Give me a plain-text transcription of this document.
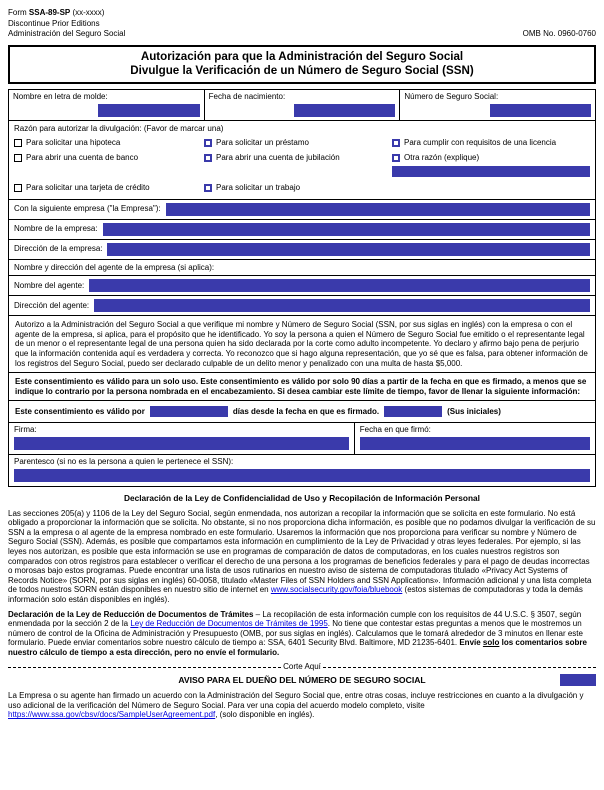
Form SSA-89-SP (xx-xxxx)
Discontinue Prior Editions
Administración del Seguro Social	OMB No. 0960-0760
Autorización para que la Administración del Seguro Social
Divulgue la Verificación de un Número de Seguro Social (SSN)
Nombre en letra de molde:	Fecha de nacimiento:	Número de Seguro Social:
Razón para autorizar la divulgación: (Favor de marcar una)
Para solicitar una hipoteca	Para solicitar un préstamo	Para cumplir con requisitos de una licencia
Para abrir una cuenta de banco	Para abrir una cuenta de jubilación	Otra razón (explique)
Para solicitar una tarjeta de crédito	Para solicitar un trabajo
Con la siguiente empresa ("la Empresa"):
Nombre de la empresa:
Dirección de la empresa:
Nombre y dirección del agente de la empresa (si aplica):
Nombre del agente:
Dirección del agente:
Autorizo a la Administración del Seguro Social a que verifique mi nombre y Número de Seguro Social (SSN, por sus siglas en inglés) con la empresa o con el agente de la empresa, si aplica, para el propósito que he identificado. Yo soy la persona a quien el Número de Seguro Social fue emitido o el representante legal de un menor o el representante legal de una persona quien ha sido declarada por la corte como adulto incompetente. Yo declaro y afirmo bajo pena de perjurio que la información contenida aquí es verdadera y correcta. Yo reconozco que si hago alguna representación, que yo sé que es falsa, para obtener información de los registros del Seguro Social, puedo ser declarado culpable de un delito menor y penalizado con una multa de hasta $5,000.
Este consentimiento es válido para un solo uso. Este consentimiento es válido por solo 90 días a partir de la fecha en que es firmado, a menos que se indique lo contrario por la persona nombrada en el encabezamiento. Si desea cambiar este límite de tiempo, favor de llenar la siguiente información:
Este consentimiento es válido por	días desde la fecha en que es firmado.	(Sus iniciales)
Firma:	Fecha en que firmó:
Parentesco (si no es la persona a quien le pertenece el SSN):
Declaración de la Ley de Confidencialidad de Uso y Recopilación de Información Personal
Las secciones 205(a) y 1106 de la Ley del Seguro Social, según enmendada, nos autorizan a recopilar la información que se solicita en este formulario. No está obligado a proporcionar la información que se solicita. No obstante, si no nos proporciona dicha información, es posible que no podamos divulgar la verificación de su SSN a la empresa o al agente de la empresa nombrado en este formulario. Usaremos la información que nos proporciona para verificar su nombre y Número de Seguro Social (SSN). Además, es posible que compartamos esta información en cumplimiento de la Ley de Privacidad y otras leyes federales. Por ejemplo, si las leyes nos autorizan, es posible que esta información se use en programas de comparación de datos de computadoras, en los cuales nuestros registros son comparados con otros registros para establecer o verificar el derecho de una persona a los programas de beneficios federales y para el pago de deudas incorrectas o morosas bajo estos programas. Puede encontrar una lista de usos rutinarios en nuestro aviso de sistema de computadoras titulado «Privacy Act Systems of Records Notice» (SORN, por sus siglas en inglés) 60-0058, titulado «Master Files of SSN Holders and SSN Applications». Información adicional y una lista completa de todos nuestros SORN están disponibles en nuestro sitio de internet en www.socialsecurity.gov/foia/bluebook (estos sistemas de computadoras y toda la demás información solo están disponibles en inglés).
Declaración de la Ley de Reducción de Documentos de Trámites – La recopilación de esta información cumple con los requisitos de 44 U.S.C. § 3507, según enmendada por la sección 2 de la Ley de Reducción de Documentos de Trámites de 1995. No tiene que contestar estas preguntas a menos que le mostremos un número de control de la Oficina de Administración y Presupuesto (OMB, por sus siglas en inglés). Calculamos que le tomará alrededor de 3 minutos en llenar este formulario. Puede enviar comentarios sobre nuestro cálculo de tiempo a: SSA, 6401 Security Blvd. Baltimore, MD 21235-6401. Envíe solo los comentarios sobre nuestro cálculo de tiempo a esta dirección, pero no envíe el formulario.
Corte Aquí
AVISO PARA EL DUEÑO DEL NÚMERO DE SEGURO SOCIAL
La Empresa o su agente han firmado un acuerdo con la Administración del Seguro Social que, entre otras cosas, incluye restricciones en cuanto a la divulgación y uso adicional de la verificación del Número de Seguro Social. Para ver una copia del acuerdo modelo completo, visite https://www.ssa.gov/cbsv/docs/SampleUserAgreement.pdf, (solo disponible en inglés).
